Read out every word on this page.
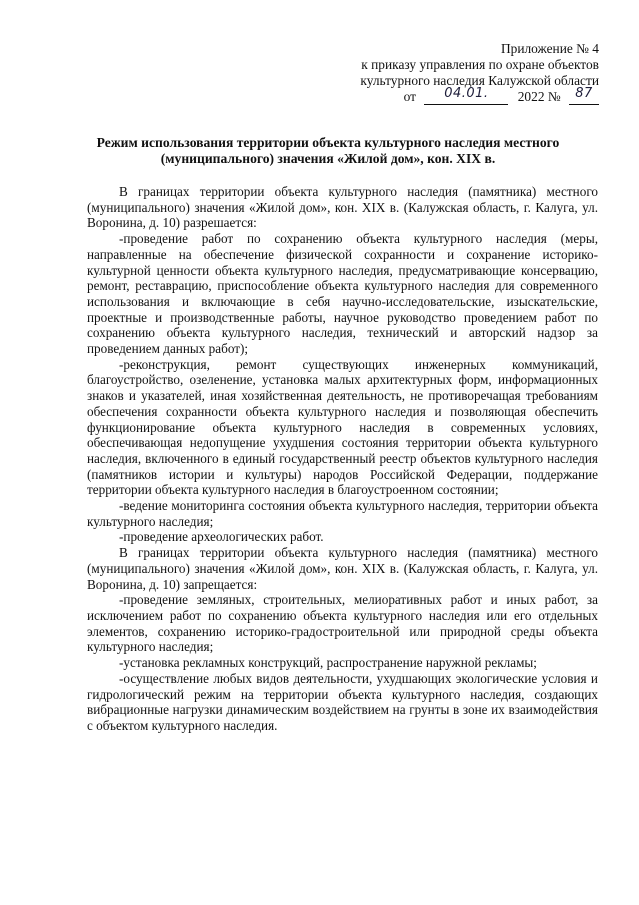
Приложение № 4
к приказу управления по охране объектов
культурного наследия Калужской области
от 04.01. 2022 № 87
Режим использования территории объекта культурного наследия местного (муниципального) значения «Жилой дом», кон. XIX в.

В границах территории объекта культурного наследия (памятника) местного (муниципального) значения «Жилой дом», кон. XIX в. (Калужская область, г. Калуга, ул. Воронина, д. 10) разрешается:

-проведение работ по сохранению объекта культурного наследия (меры, направленные на обеспечение физической сохранности и сохранение историко-культурной ценности объекта культурного наследия, предусматривающие консервацию, ремонт, реставрацию, приспособление объекта культурного наследия для современного использования и включающие в себя научно-исследовательские, изыскательские, проектные и производственные работы, научное руководство проведением работ по сохранению объекта культурного наследия, технический и авторский надзор за проведением данных работ);

-реконструкция, ремонт существующих инженерных коммуникаций, благоустройство, озеленение, установка малых архитектурных форм, информационных знаков и указателей, иная хозяйственная деятельность, не противоречащая требованиям обеспечения сохранности объекта культурного наследия и позволяющая обеспечить функционирование объекта культурного наследия в современных условиях, обеспечивающая недопущение ухудшения состояния территории объекта культурного наследия, включенного в единый государственный реестр объектов культурного наследия (памятников истории и культуры) народов Российской Федерации, поддержание территории объекта культурного наследия в благоустроенном состоянии;

-ведение мониторинга состояния объекта культурного наследия, территории объекта культурного наследия;

-проведение археологических работ.

В границах территории объекта культурного наследия (памятника) местного (муниципального) значения «Жилой дом», кон. XIX в. (Калужская область, г. Калуга, ул. Воронина, д. 10) запрещается:

-проведение земляных, строительных, мелиоративных работ и иных работ, за исключением работ по сохранению объекта культурного наследия или его отдельных элементов, сохранению историко-градостроительной или природной среды объекта культурного наследия;

-установка рекламных конструкций, распространение наружной рекламы;

-осуществление любых видов деятельности, ухудшающих экологические условия и гидрологический режим на территории объекта культурного наследия, создающих вибрационные нагрузки динамическим воздействием на грунты в зоне их взаимодействия с объектом культурного наследия.
